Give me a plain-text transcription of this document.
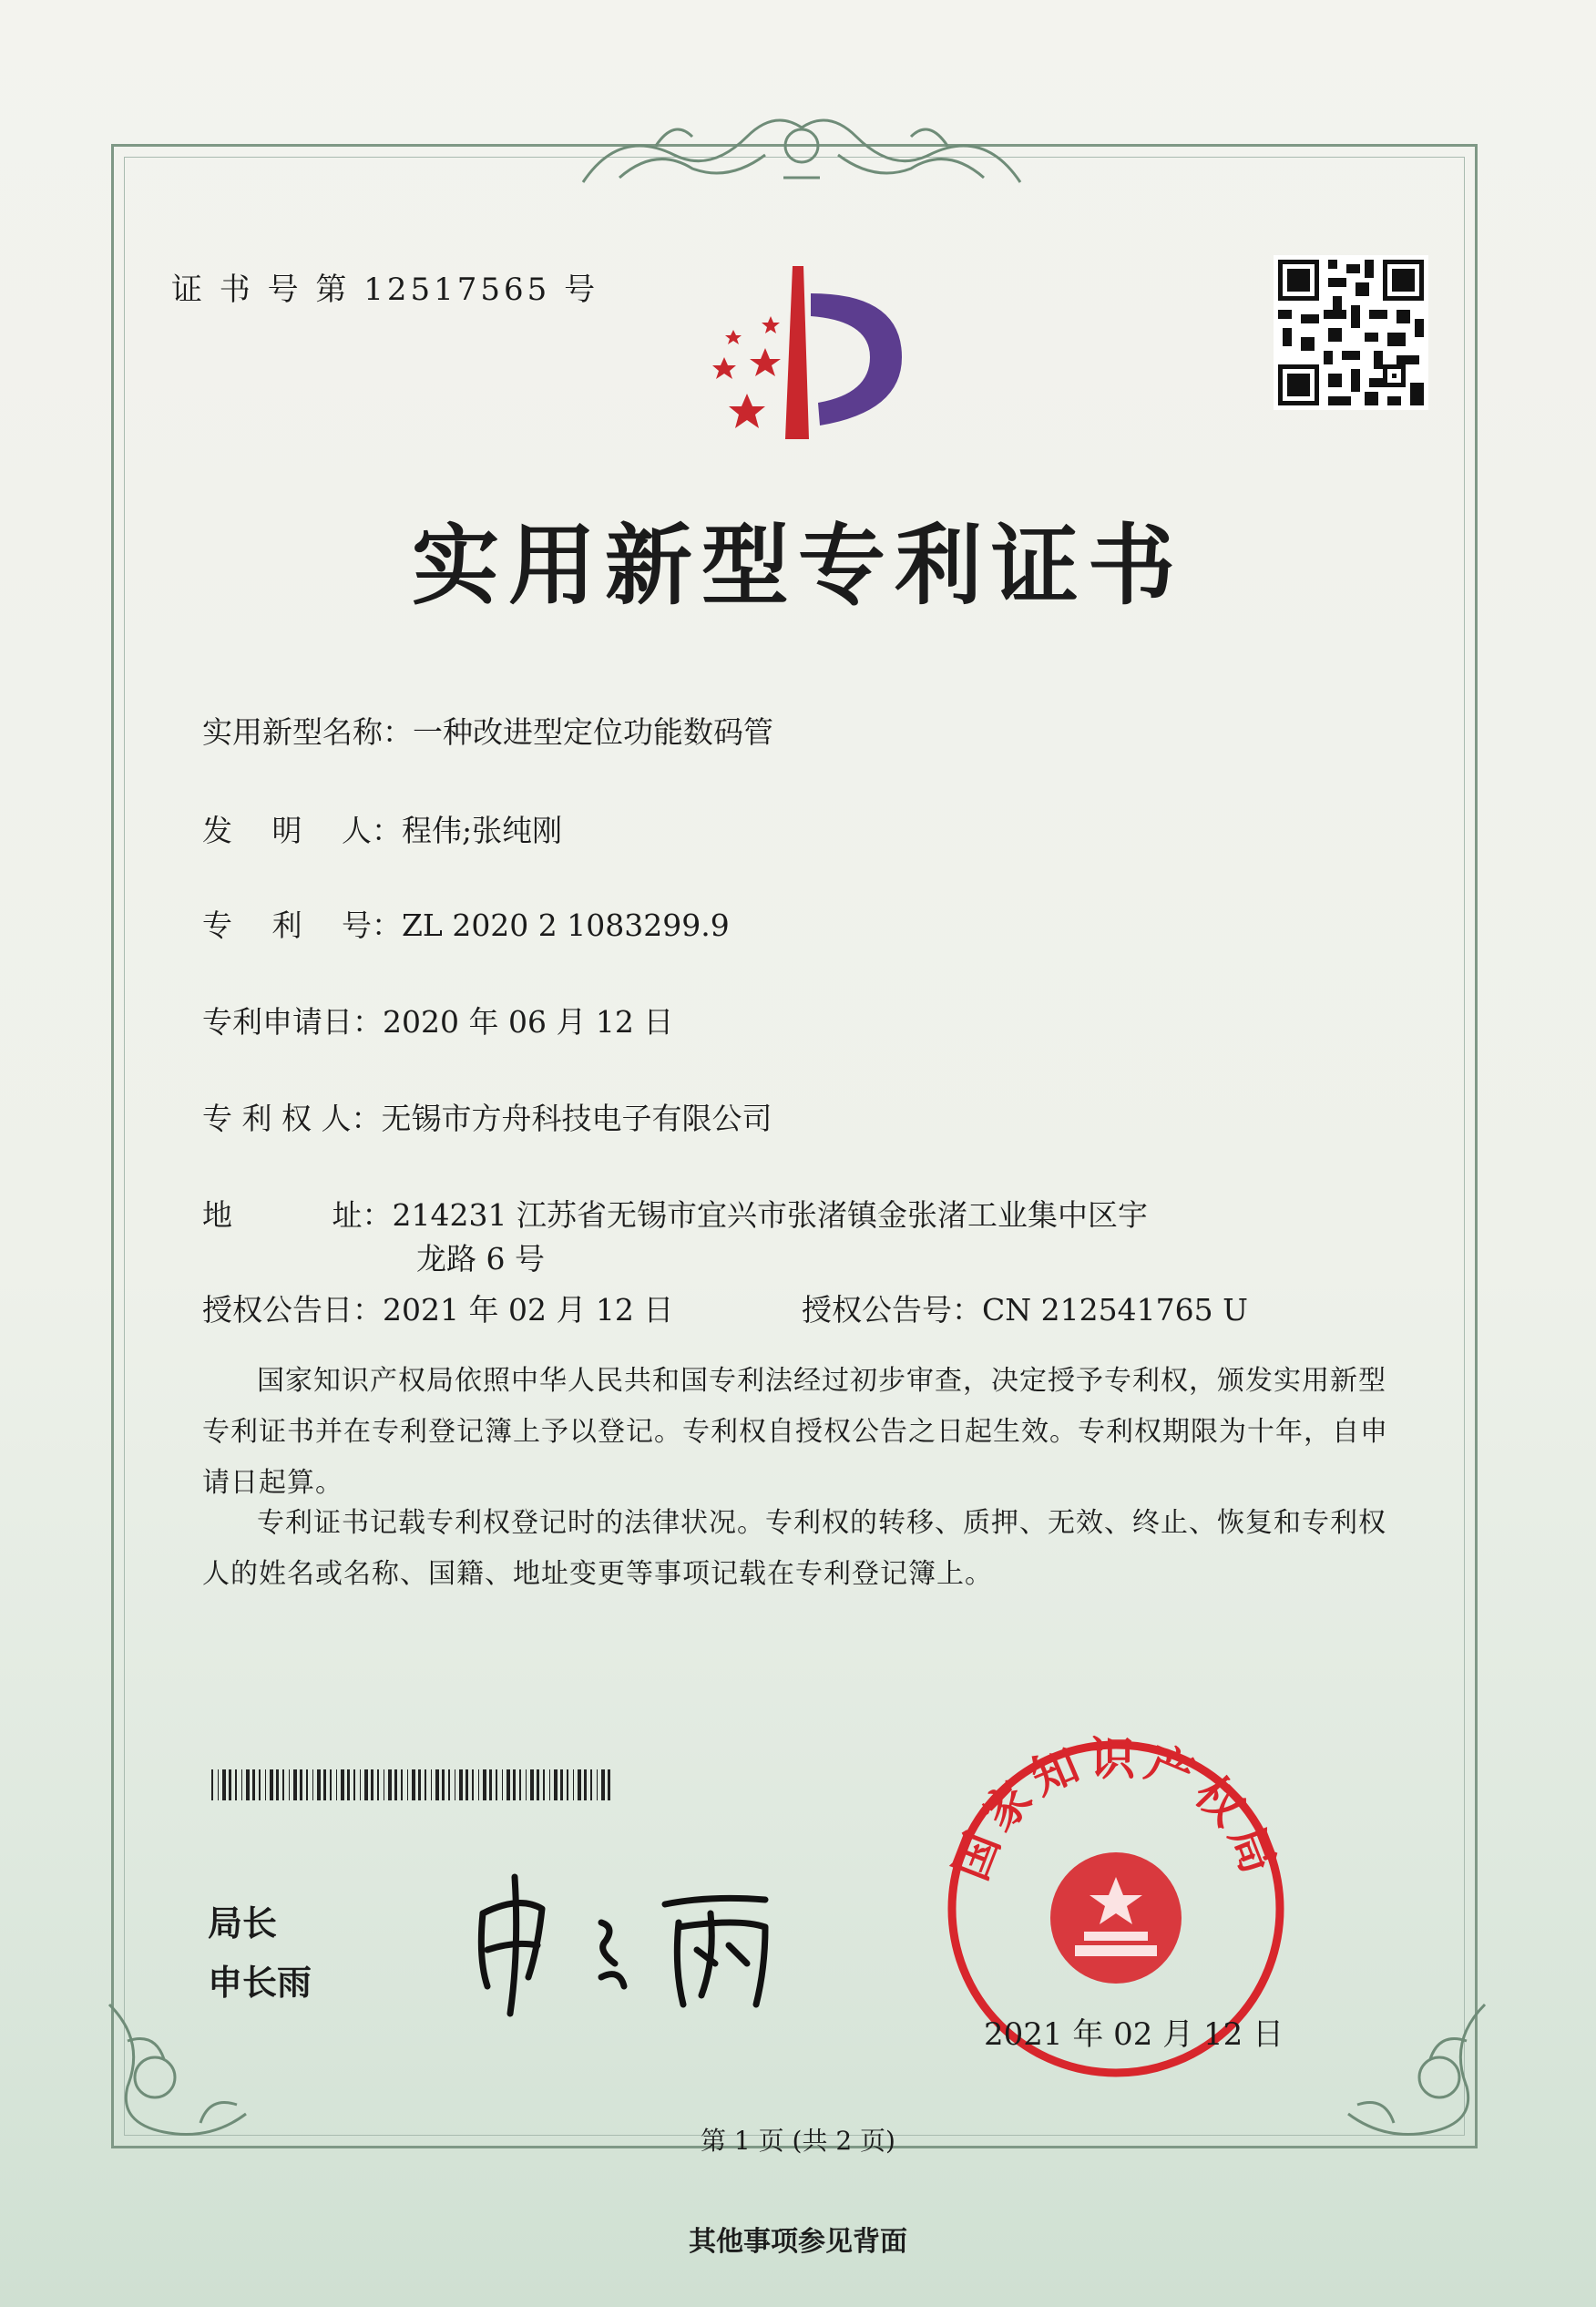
证 书 号 第 12517565 号
实用新型专利证书
实用新型名称：一种改进型定位功能数码管
发　 明　 人：程伟;张纯刚
专　 利　 号：ZL 2020 2 1083299.9
专利申请日：2020 年 06 月 12 日
专 利 权 人：无锡市方舟科技电子有限公司
地　　　 址：214231 江苏省无锡市宜兴市张渚镇金张渚工业集中区宇
龙路 6 号
授权公告日：2021 年 02 月 12 日	授权公告号：CN 212541765 U
国家知识产权局依照中华人民共和国专利法经过初步审查，决定授予专利权，颁发实用新型专利证书并在专利登记簿上予以登记。专利权自授权公告之日起生效。专利权期限为十年，自申请日起算。
专利证书记载专利权登记时的法律状况。专利权的转移、质押、无效、终止、恢复和专利权人的姓名或名称、国籍、地址变更等事项记载在专利登记簿上。
局长
申长雨
国家知识产权局
2021 年 02 月 12 日
第 1 页 (共 2 页)
其他事项参见背面
